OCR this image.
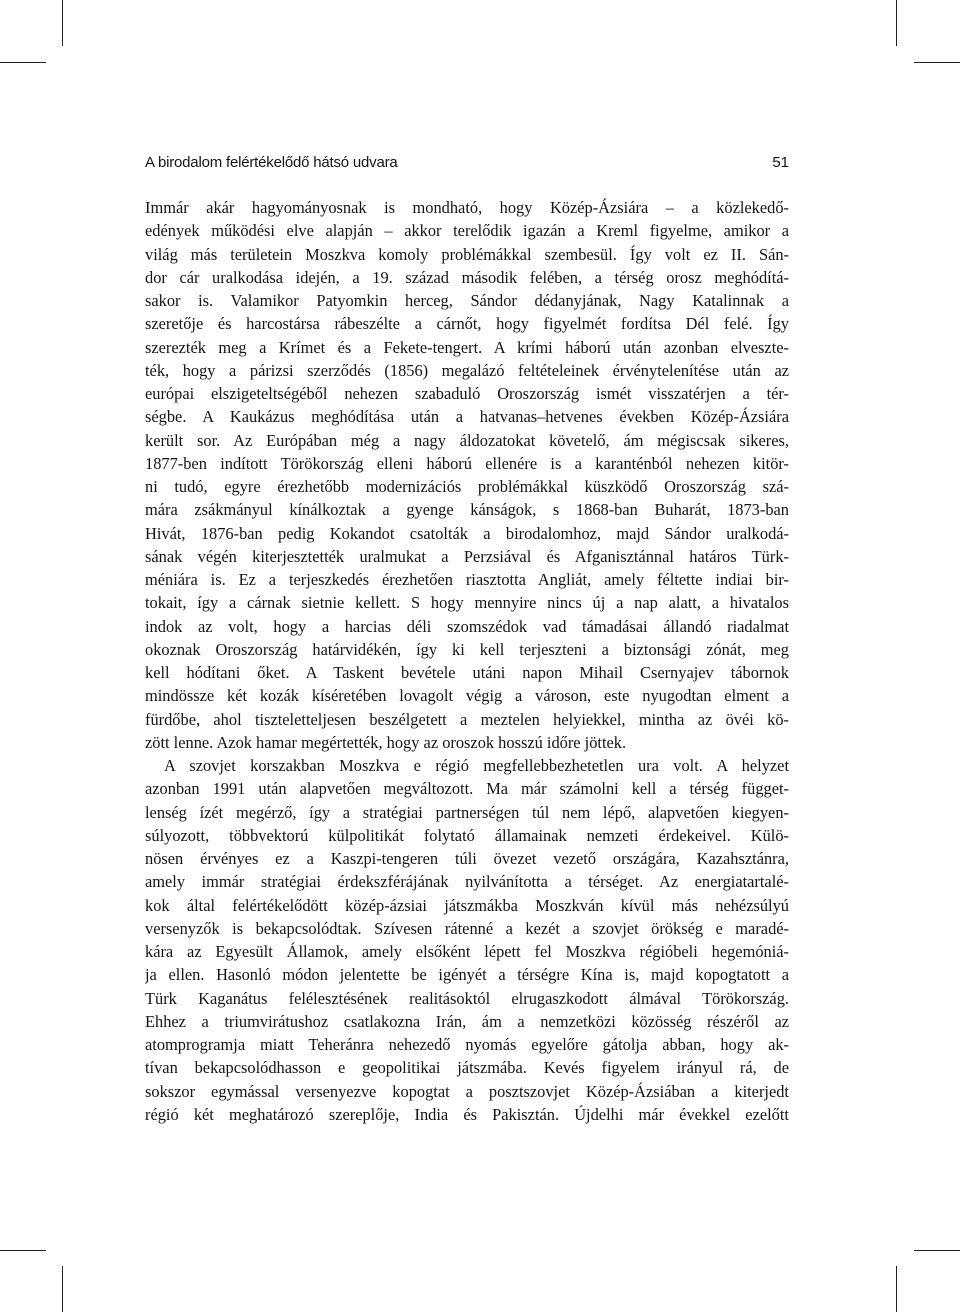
A birodalom felértékelődő hátsó udvara	51
Immár akár hagyományosnak is mondható, hogy Közép-Ázsiára – a közlekedő-
edények működési elve alapján – akkor terelődik igazán a Kreml figyelme, amikor a
világ más területein Moszkva komoly problémákkal szembesül. Így volt ez II. Sán-
dor cár uralkodása idején, a 19. század második felében, a térség orosz meghódítá-
sakor is. Valamikor Patyomkin herceg, Sándor dédanyjának, Nagy Katalinnak a
szeretője és harcostársa rábeszélte a cárnőt, hogy figyelmét fordítsa Dél felé. Így
szerezték meg a Krímet és a Fekete-tengert. A krími háború után azonban elveszte-
ték, hogy a párizsi szerződés (1856) megalázó feltételeinek érvénytelenítése után az
európai elszigeteltségéből nehezen szabaduló Oroszország ismét visszatérjen a tér-
ségbe. A Kaukázus meghódítása után a hatvanas–hetvenes években Közép-Ázsiára
került sor. Az Európában még a nagy áldozatokat követelő, ám mégiscsak sikeres,
1877-ben indított Törökország elleni háború ellenére is a karanténból nehezen kitör-
ni tudó, egyre érezhetőbb modernizációs problémákkal küszködő Oroszország szá-
mára zsákmányul kínálkoztak a gyenge kánságok, s 1868-ban Buharát, 1873-ban
Hivát, 1876-ban pedig Kokandot csatolták a birodalomhoz, majd Sándor uralkodá-
sának végén kiterjesztették uralmukat a Perzsiával és Afganisztánnal határos Türk-
méniára is. Ez a terjeszkedés érezhetően riasztotta Angliát, amely féltette indiai bir-
tokait, így a cárnak sietnie kellett. S hogy mennyire nincs új a nap alatt, a hivatalos
indok az volt, hogy a harcias déli szomszédok vad támadásai állandó riadalmat
okoznak Oroszország határvidékén, így ki kell terjeszteni a biztonsági zónát, meg
kell hódítani őket. A Taskent bevétele utáni napon Mihail Csernyajev tábornok
mindössze két kozák kíséretében lovagolt végig a városon, este nyugodtan elment a
fürdőbe, ahol tiszteletteljesen beszélgetett a meztelen helyiekkel, mintha az övéi kö-
zött lenne. Azok hamar megértették, hogy az oroszok hosszú időre jöttek.
A szovjet korszakban Moszkva e régió megfellebbezhetetlen ura volt. A helyzet
azonban 1991 után alapvetően megváltozott. Ma már számolni kell a térség függet-
lenség ízét megérző, így a stratégiai partnerségen túl nem lépő, alapvetően kiegyen-
súlyozott, többvektorú külpolitikát folytató államainak nemzeti érdekeivel. Külö-
nösen érvényes ez a Kaszpi-tengeren túli övezet vezető országára, Kazahsztánra,
amely immár stratégiai érdekszférájának nyilvánította a térséget. Az energiatartalé-
kok által felértékelődött közép-ázsiai játszmákba Moszkván kívül más nehézsúlyú
versenyzők is bekapcsolódtak. Szívesen rátenné a kezét a szovjet örökség e maradé-
kára az Egyesült Államok, amely elsőként lépett fel Moszkva régióbeli hegemóniá-
ja ellen. Hasonló módon jelentette be igényét a térségre Kína is, majd kopogtatott a
Türk Kaganátus felélesztésének realitásoktól elrugaszkodott álmával Törökország.
Ehhez a triumvirátushoz csatlakozna Irán, ám a nemzetközi közösség részéről az
atomprogramja miatt Teheránra nehezedő nyomás egyelőre gátolja abban, hogy ak-
tívan bekapcsolódhasson e geopolitikai játszmába. Kevés figyelem irányul rá, de
sokszor egymással versenyezve kopogtat a posztszovjet Közép-Ázsiában a kiterjedt
régió két meghatározó szereplője, India és Pakisztán. Újdelhi már évekkel ezelőtt
